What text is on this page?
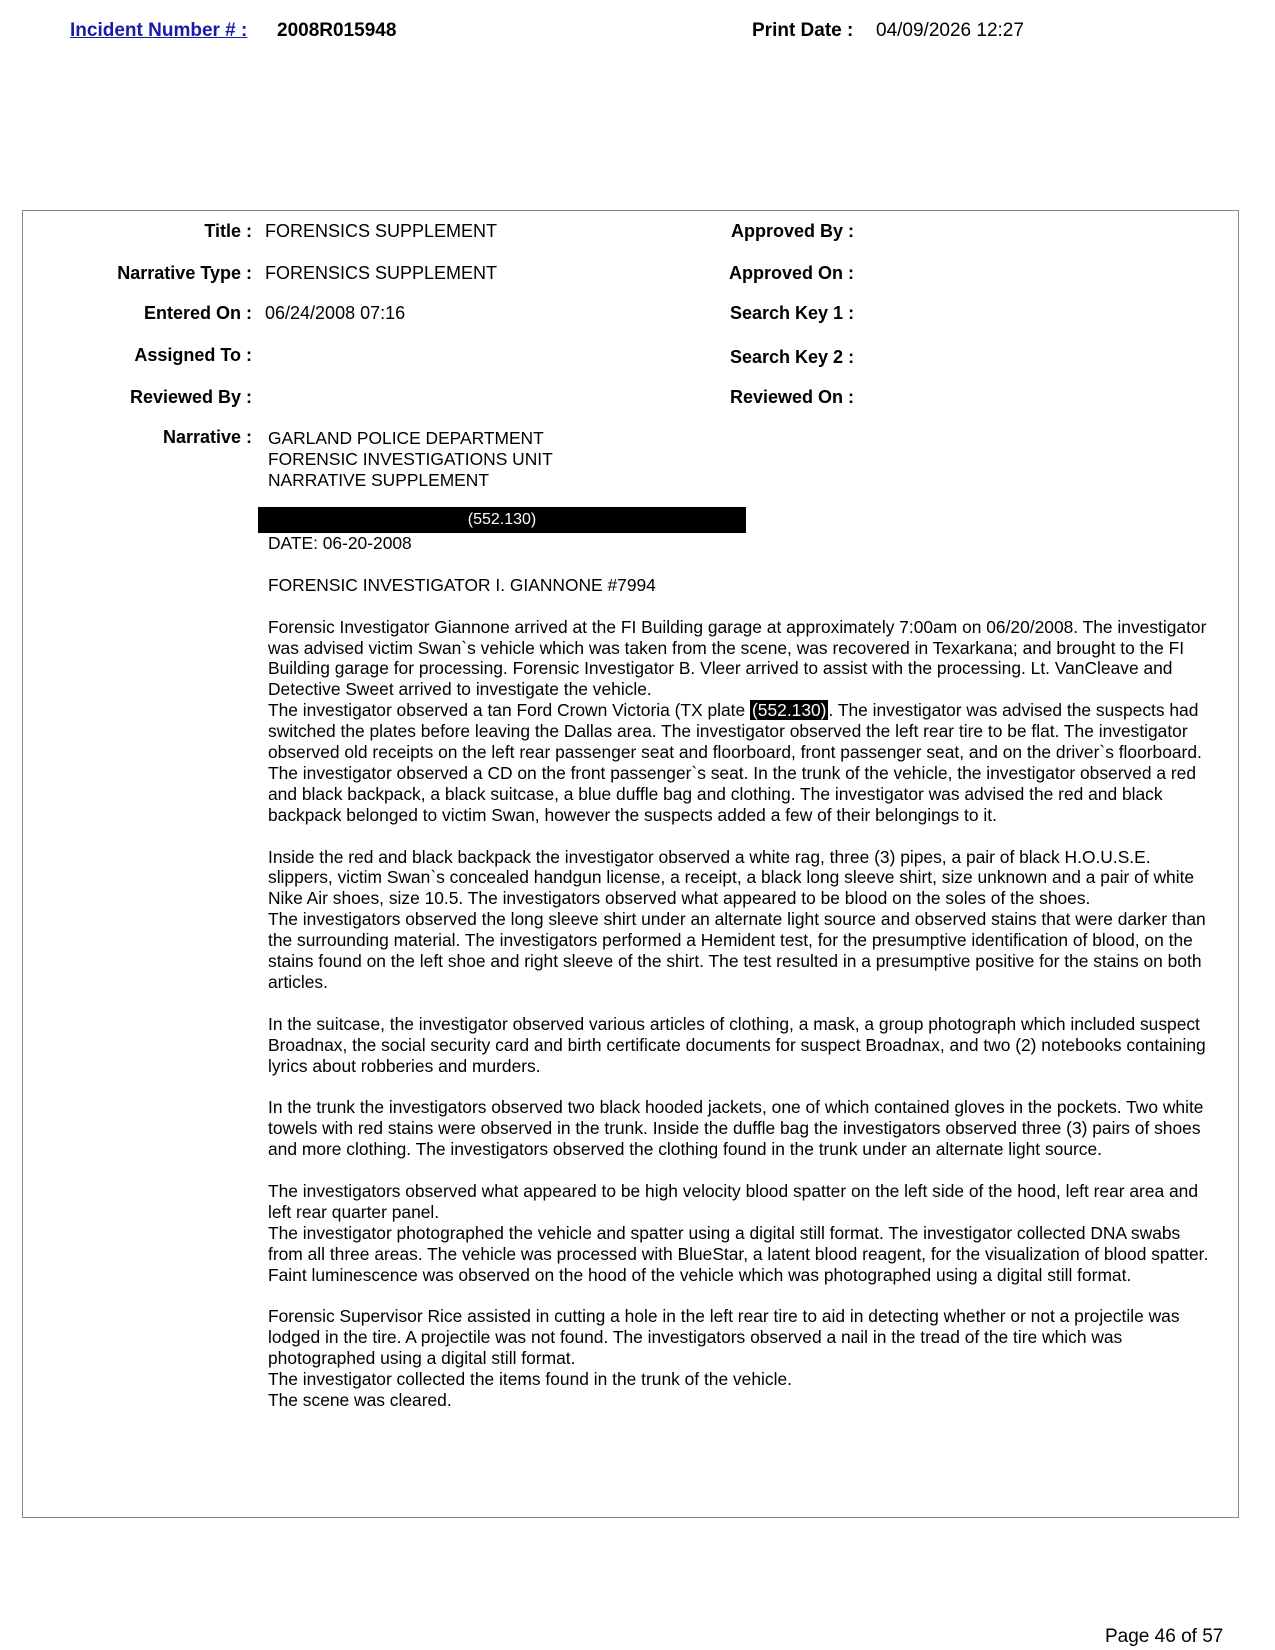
Incident Number # : 2008R015948	Print Date : 04/09/2026 12:27
Title :
Narrative Type :
Entered On :
Assigned To :
Reviewed By :
Narrative :
FORENSICS SUPPLEMENT
FORENSICS SUPPLEMENT
06/24/2008 07:16
Approved By :
Approved On :
Search Key 1 :
Search Key 2 :
Reviewed On :

GARLAND POLICE DEPARTMENT

FORENSIC INVESTIGATIONS UNIT

NARRATIVE SUPPLEMENT

(552.130)

DATE: 06-20-2008

FORENSIC INVESTIGATOR I. GIANNONE #7994

Forensic Investigator Giannone arrived at the FI Building garage at approximately 7:00am on 06/20/2008. The investigator was advised victim Swan`s vehicle which was taken from the scene, was recovered in Texarkana; and brought to the FI Building garage for processing. Forensic Investigator B. Vleer arrived to assist with the processing. Lt. VanCleave and Detective Sweet arrived to investigate the vehicle.

The investigator observed a tan Ford Crown Victoria (TX plate (552.130) . The investigator was advised the suspects had switched the plates before leaving the Dallas area. The investigator observed the left rear tire to be flat. The investigator observed old receipts on the left rear passenger seat and floorboard, front passenger seat, and on the driver`s floorboard. The investigator observed a CD on the front passenger`s seat. In the trunk of the vehicle, the investigator observed a red and black backpack, a black suitcase, a blue duffle bag and clothing. The investigator was advised the red and black backpack belonged to victim Swan, however the suspects added a few of their belongings to it.

Inside the red and black backpack the investigator observed a white rag, three (3) pipes, a pair of black H.O.U.S.E. slippers, victim Swan`s concealed handgun license, a receipt, a black long sleeve shirt, size unknown and a pair of white Nike Air shoes, size 10.5. The investigators observed what appeared to be blood on the soles of the shoes.

The investigators observed the long sleeve shirt under an alternate light source and observed stains that were darker than the surrounding material. The investigators performed a Hemident test, for the presumptive identification of blood, on the stains found on the left shoe and right sleeve of the shirt. The test resulted in a presumptive positive for the stains on both articles.

In the suitcase, the investigator observed various articles of clothing, a mask, a group photograph which included suspect Broadnax, the social security card and birth certificate documents for suspect Broadnax, and two (2) notebooks containing lyrics about robberies and murders.

In the trunk the investigators observed two black hooded jackets, one of which contained gloves in the pockets. Two white towels with red stains were observed in the trunk. Inside the duffle bag the investigators observed three (3) pairs of shoes and more clothing. The investigators observed the clothing found in the trunk under an alternate light source.

The investigators observed what appeared to be high velocity blood spatter on the left side of the hood, left rear area and left rear quarter panel.

The investigator photographed the vehicle and spatter using a digital still format. The investigator collected DNA swabs from all three areas. The vehicle was processed with BlueStar, a latent blood reagent, for the visualization of blood spatter. Faint luminescence was observed on the hood of the vehicle which was photographed using a digital still format.

Forensic Supervisor Rice assisted in cutting a hole in the left rear tire to aid in detecting whether or not a projectile was lodged in the tire. A projectile was not found. The investigators observed a nail in the tread of the tire which was photographed using a digital still format.

The investigator collected the items found in the trunk of the vehicle.

The scene was cleared.

Page 46 of 57
